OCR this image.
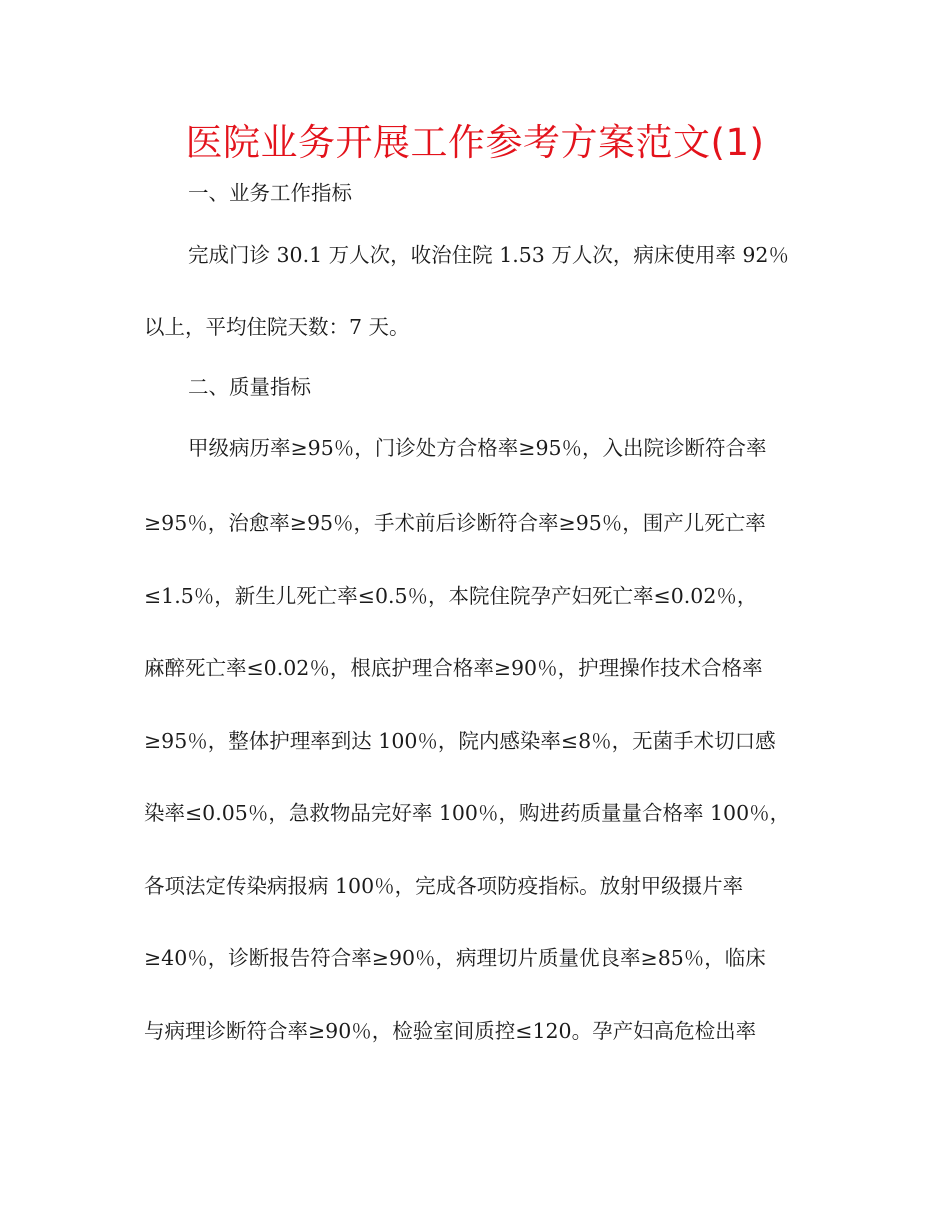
医院业务开展工作参考方案范文(1)
一、业务工作指标
完成门诊 30.1 万人次，收治住院 1.53 万人次，病床使用率 92％
以上，平均住院天数：7 天。
二、质量指标
甲级病历率≥95％，门诊处方合格率≥95％，入出院诊断符合率
≥95％，治愈率≥95％，手术前后诊断符合率≥95％，围产儿死亡率
≤1.5％，新生儿死亡率≤0.5％，本院住院孕产妇死亡率≤0.02％，
麻醉死亡率≤0.02％，根底护理合格率≥90％，护理操作技术合格率
≥95％，整体护理率到达 100％，院内感染率≤8％，无菌手术切口感
染率≤0.05％，急救物品完好率 100％，购进药质量量合格率 100％，
各项法定传染病报病 100％，完成各项防疫指标。放射甲级摄片率
≥40％，诊断报告符合率≥90％，病理切片质量优良率≥85％，临床
与病理诊断符合率≥90％，检验室间质控≤120。孕产妇高危检出率
